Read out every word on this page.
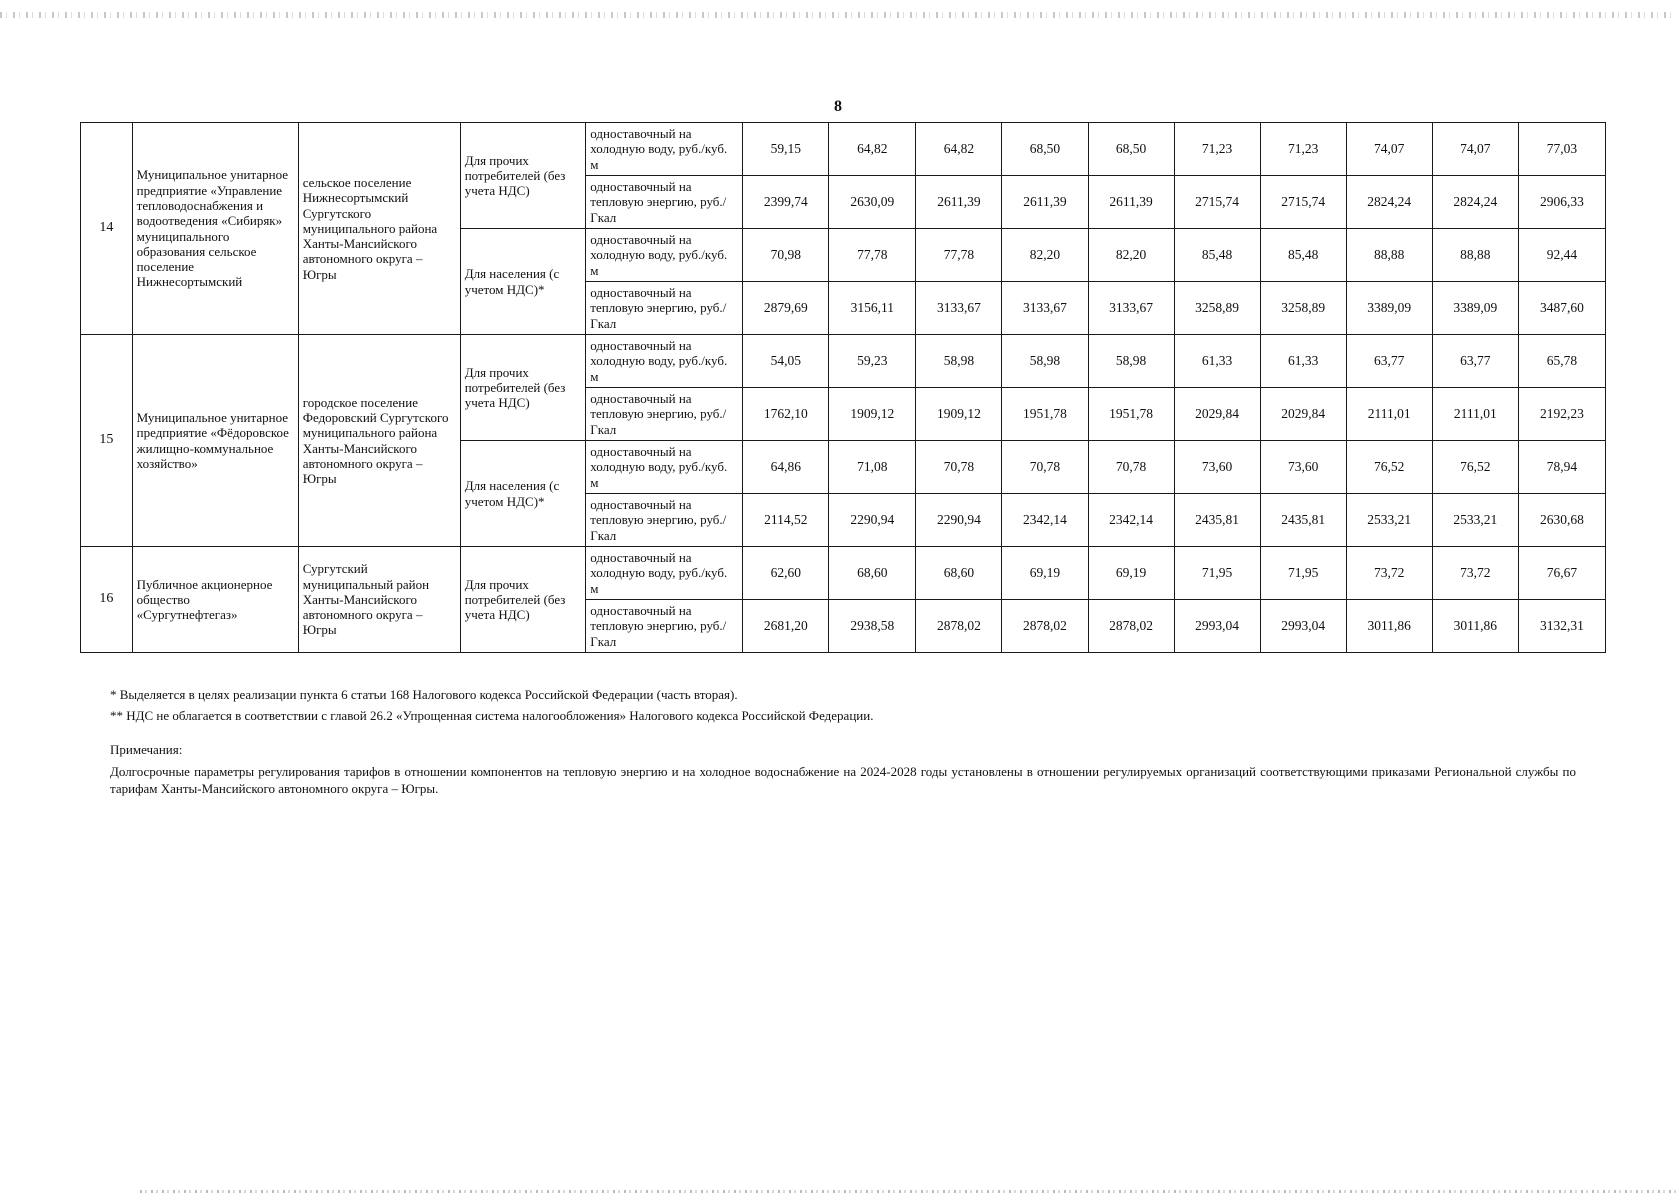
8
14	Муниципальное унитарное предприятие «Управление тепловодоснабжения и водоотведения «Сибиряк» муниципального образования сельское поселение Нижнесортымский	сельское поселение Нижнесортымский Сургутского муниципального района Ханты-Мансийского автономного округа – Югры	Для прочих потребителей (без учета НДС)	одноставочный на холодную воду, руб./куб. м	59,15	64,82	64,82	68,50	68,50	71,23	71,23	74,07	74,07	77,03

				одноставочный на тепловую энергию, руб./ Гкал	2399,74	2630,09	2611,39	2611,39	2611,39	2715,74	2715,74	2824,24	2824,24	2906,33
			Для населения (с учетом НДС)*	одноставочный на холодную воду, руб./куб. м	70,98	77,78	77,78	82,20	82,20	85,48	85,48	88,88	88,88	92,44

				одноставочный на тепловую энергию, руб./ Гкал	2879,69	3156,11	3133,67	3133,67	3133,67	3258,89	3258,89	3389,09	3389,09	3487,60
15	Муниципальное унитарное предприятие «Фёдоровское жилищно-коммунальное хозяйство»	городское поселение Федоровский Сургутского муниципального района Ханты-Мансийского автономного округа – Югры	Для прочих потребителей (без учета НДС)	одноставочный на холодную воду, руб./куб. м	54,05	59,23	58,98	58,98	58,98	61,33	61,33	63,77	63,77	65,78

				одноставочный на тепловую энергию, руб./ Гкал	1762,10	1909,12	1909,12	1951,78	1951,78	2029,84	2029,84	2111,01	2111,01	2192,23
			Для населения (с учетом НДС)*	одноставочный на холодную воду, руб./куб. м	64,86	71,08	70,78	70,78	70,78	73,60	73,60	76,52	76,52	78,94

				одноставочный на тепловую энергию, руб./ Гкал	2114,52	2290,94	2290,94	2342,14	2342,14	2435,81	2435,81	2533,21	2533,21	2630,68
16	Публичное акционерное общество «Сургутнефтегаз»	Сургутский муниципальный район Ханты-Мансийского автономного округа – Югры	Для прочих потребителей (без учета НДС)	одноставочный на холодную воду, руб./куб. м	62,60	68,60	68,60	69,19	69,19	71,95	71,95	73,72	73,72	76,67

				одноставочный на тепловую энергию, руб./ Гкал	2681,20	2938,58	2878,02	2878,02	2878,02	2993,04	2993,04	3011,86	3011,86	3132,31
* Выделяется в целях реализации пункта 6 статьи 168 Налогового кодекса Российской Федерации (часть вторая).
** НДС не облагается в соответствии с главой 26.2 «Упрощенная система налогообложения» Налогового кодекса Российской Федерации.
Примечания:
Долгосрочные параметры регулирования тарифов в отношении компонентов на тепловую энергию и на холодное водоснабжение на 2024-2028 годы установлены в отношении регулируемых организаций соответствующими приказами Региональной службы по тарифам Ханты-Мансийского автономного округа – Югры.
